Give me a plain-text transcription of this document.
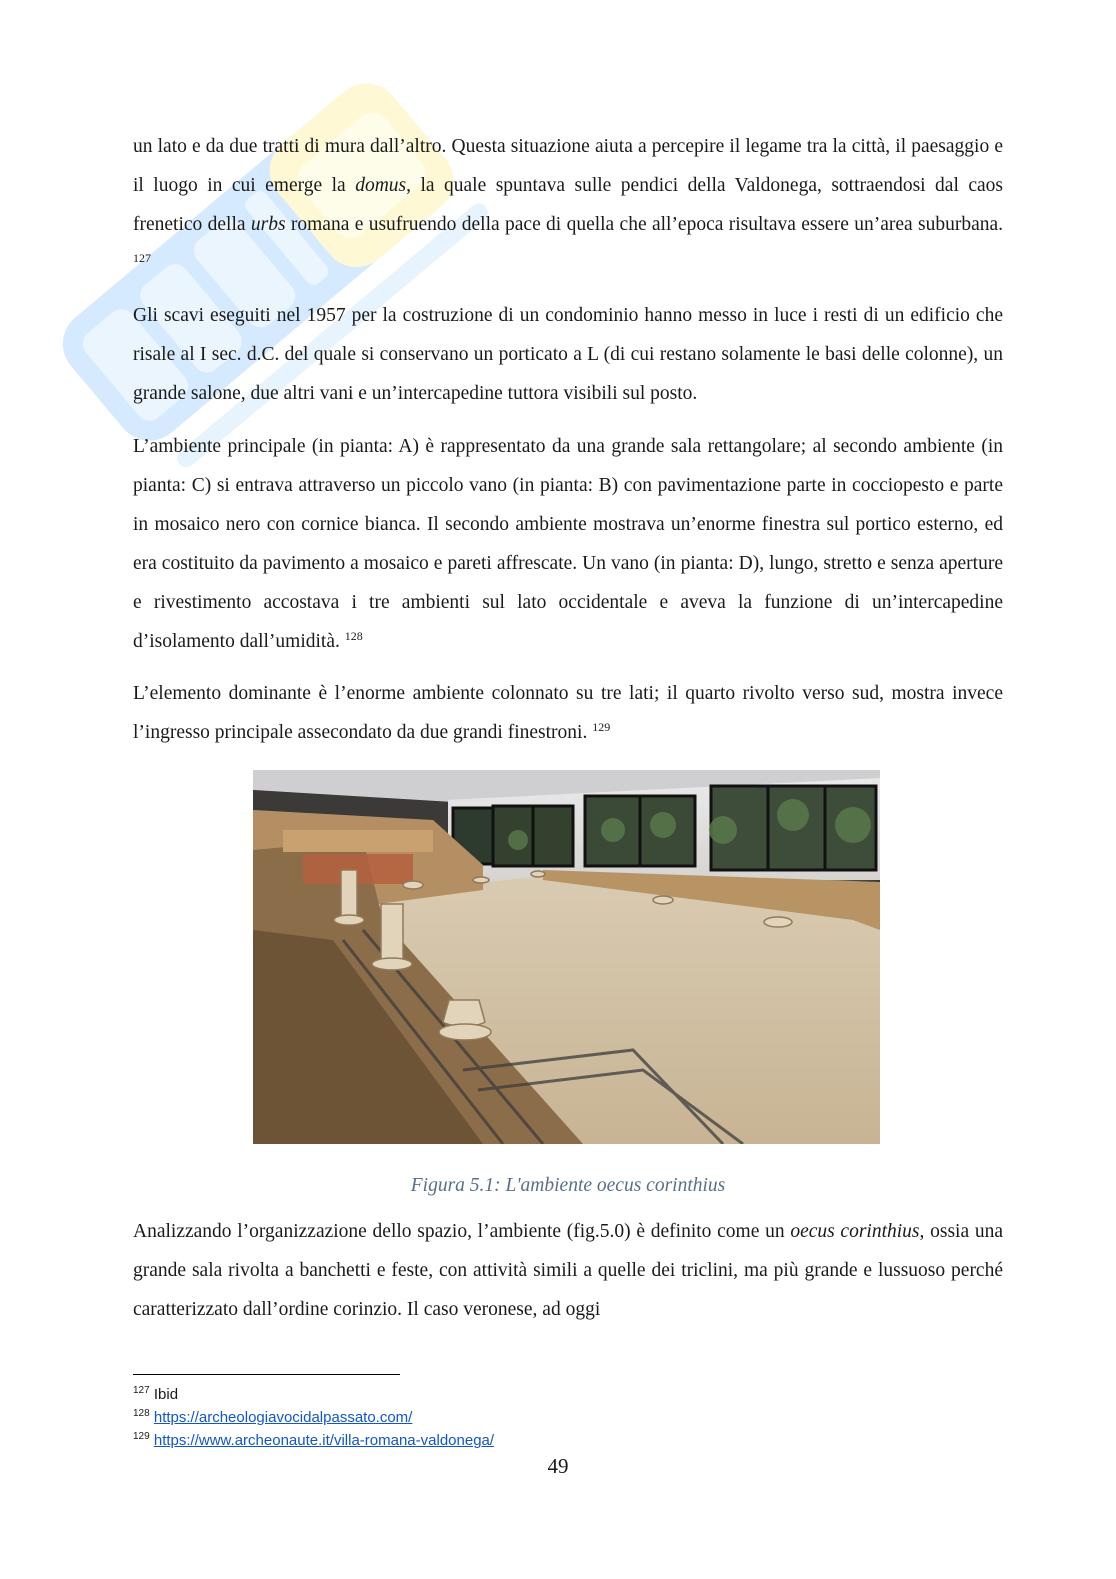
un lato e da due tratti di mura dall’altro. Questa situazione aiuta a percepire il legame tra la città, il paesaggio e il luogo in cui emerge la domus, la quale spuntava sulle pendici della Valdonega, sottraendosi dal caos frenetico della urbs romana e usufruendo della pace di quella che all’epoca risultava essere un’area suburbana. $^{127}$

Gli scavi eseguiti nel 1957 per la costruzione di un condominio hanno messo in luce i resti di un edificio che risale al I sec. d.C. del quale si conservano un porticato a L (di cui restano solamente le basi delle colonne), un grande salone, due altri vani e un’intercapedine tuttora visibili sul posto.

L’ambiente principale (in pianta: A) è rappresentato da una grande sala rettangolare; al secondo ambiente (in pianta: C) si entrava attraverso un piccolo vano (in pianta: B) con pavimentazione parte in cocciopesto e parte in mosaico nero con cornice bianca. Il secondo ambiente mostrava un’enorme finestra sul portico esterno, ed era costituito da pavimento a mosaico e pareti affrescate. Un vano (in pianta: D), lungo, stretto e senza aperture e rivestimento accostava i tre ambienti sul lato occidentale e aveva la funzione di un’intercapedine d’isolamento dall’umidità. $^{128}$

L’elemento dominante è l’enorme ambiente colonnato su tre lati; il quarto rivolto verso sud, mostra invece l’ingresso principale assecondato da due grandi finestroni. $^{129}$

Figura 5.1: L'ambiente oecus corinthius

Analizzando l’organizzazione dello spazio, l’ambiente (fig.5.0) è definito come un oecus corinthius, ossia una grande sala rivolta a banchetti e feste, con attività simili a quelle dei triclini, ma più grande e lussuoso perché caratterizzato dall’ordine corinzio. Il caso veronese, ad oggi

$^{127}$ Ibid
$^{128}$ https://archeologiavocidalpassato.com/
$^{129}$ https://www.archeonaute.it/villa-romana-valdonega/
49
